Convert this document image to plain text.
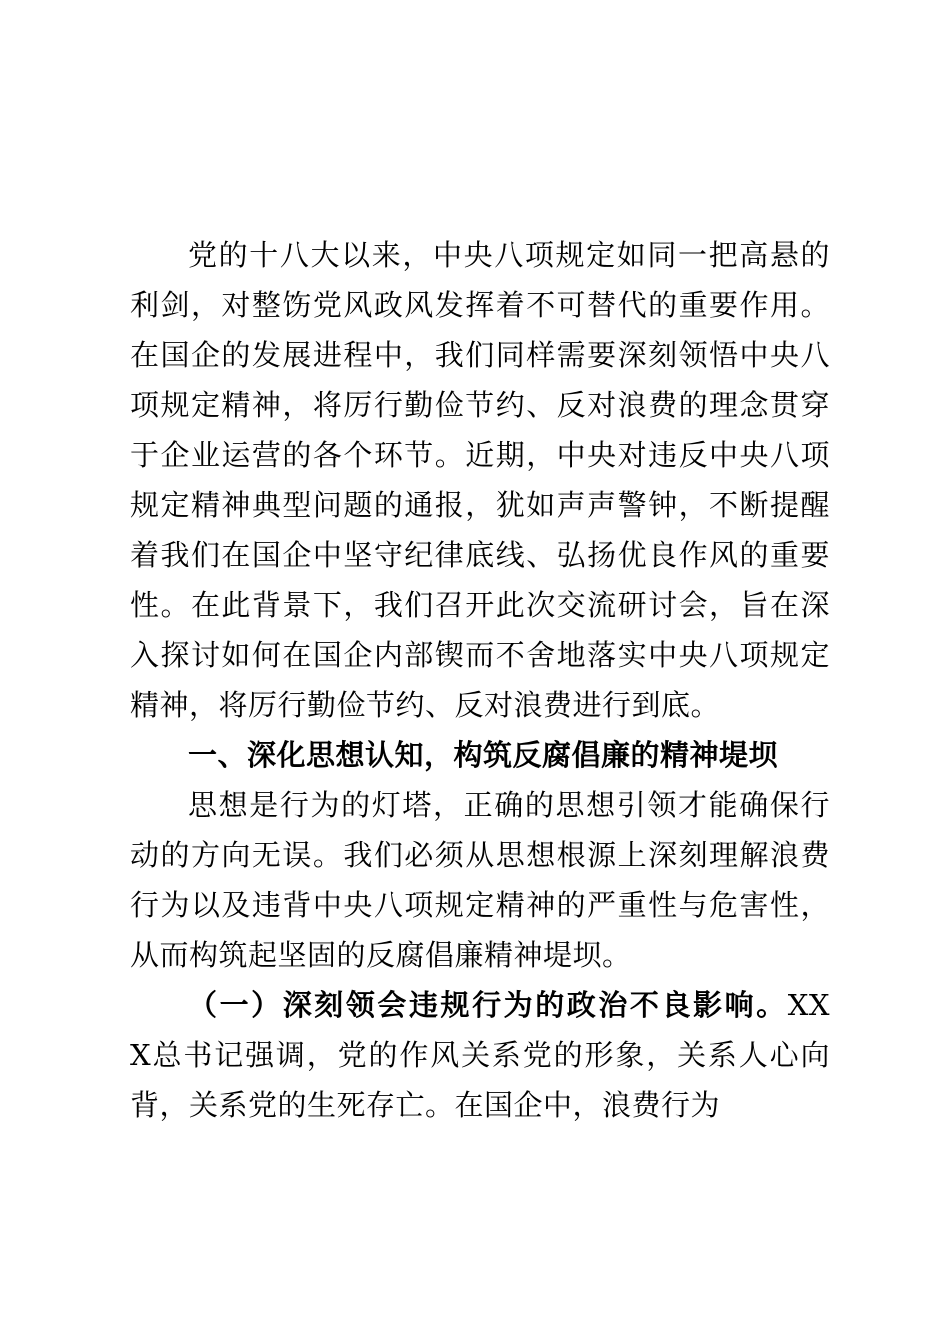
党的十八大以来，中央八项规定如同一把高悬的利剑，对整饬党风政风发挥着不可替代的重要作用。在国企的发展进程中，我们同样需要深刻领悟中央八项规定精神，将厉行勤俭节约、反对浪费的理念贯穿于企业运营的各个环节。近期，中央对违反中央八项规定精神典型问题的通报，犹如声声警钟，不断提醒着我们在国企中坚守纪律底线、弘扬优良作风的重要性。在此背景下，我们召开此次交流研讨会，旨在深入探讨如何在国企内部锲而不舍地落实中央八项规定精神，将厉行勤俭节约、反对浪费进行到底。

一、深化思想认知，构筑反腐倡廉的精神堤坝

思想是行为的灯塔，正确的思想引领才能确保行动的方向无误。我们必须从思想根源上深刻理解浪费行为以及违背中央八项规定精神的严重性与危害性，从而构筑起坚固的反腐倡廉精神堤坝。

（一）深刻领会违规行为的政治不良影响。XXX总书记强调，党的作风关系党的形象，关系人心向背，关系党的生死存亡。在国企中，浪费行为
